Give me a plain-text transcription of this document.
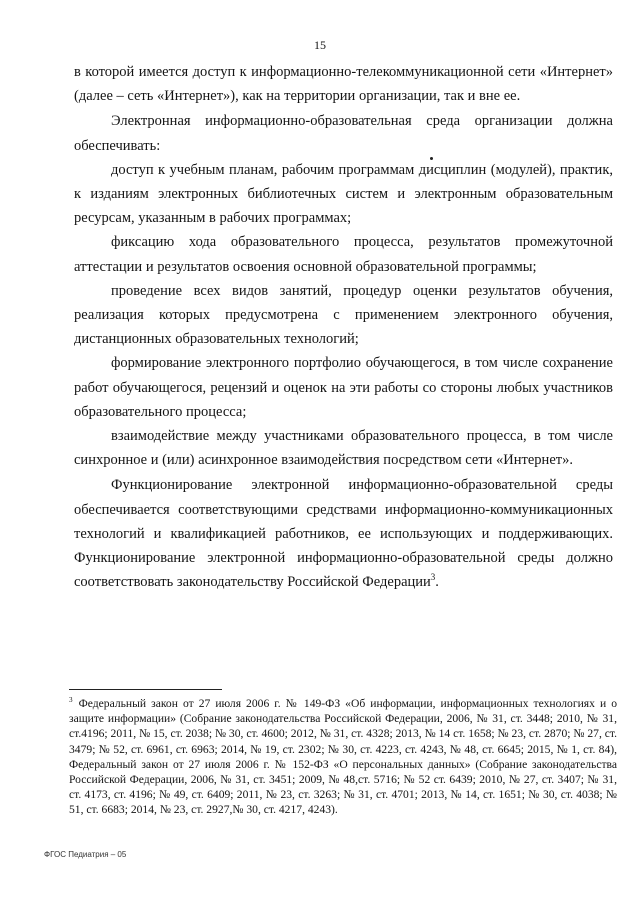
15

в которой имеется доступ к информационно-телекоммуникационной сети «Интернет» (далее – сеть «Интернет»), как на территории организации, так и вне ее.

Электронная информационно-образовательная среда организации должна обеспечивать:

доступ к учебным планам, рабочим программам дисциплин (модулей), практик, к изданиям электронных библиотечных систем и электронным образовательным ресурсам, указанным в рабочих программах;

фиксацию хода образовательного процесса, результатов промежуточной аттестации и результатов освоения основной образовательной программы;

проведение всех видов занятий, процедур оценки результатов обучения, реализация которых предусмотрена с применением электронного обучения, дистанционных образовательных технологий;

формирование электронного портфолио обучающегося, в том числе сохранение работ обучающегося, рецензий и оценок на эти работы со стороны любых участников образовательного процесса;

взаимодействие между участниками образовательного процесса, в том числе синхронное и (или) асинхронное взаимодействия посредством сети «Интернет».

Функционирование электронной информационно-образовательной среды обеспечивается соответствующими средствами информационно-коммуникационных технологий и квалификацией работников, ее использующих и поддерживающих. Функционирование электронной информационно-образовательной среды должно соответствовать законодательству Российской Федерации$^3$.

$^3$ Федеральный закон от 27 июля 2006 г. № 149-ФЗ «Об информации, информационных технологиях и о защите информации» (Собрание законодательства Российской Федерации, 2006, № 31, ст. 3448; 2010, № 31, ст.4196; 2011, № 15, ст. 2038; № 30, ст. 4600; 2012, № 31, ст. 4328; 2013, № 14 ст. 1658; № 23, ст. 2870; № 27, ст. 3479; № 52, ст. 6961, ст. 6963; 2014, № 19, ст. 2302; № 30, ст. 4223, ст. 4243, № 48, ст. 6645; 2015, № 1, ст. 84), Федеральный закон от 27 июля 2006 г. № 152-ФЗ «О персональных данных» (Собрание законодательства Российской Федерации, 2006, № 31, ст. 3451; 2009, № 48,ст. 5716; № 52 ст. 6439; 2010, № 27, ст. 3407; № 31, ст. 4173, ст. 4196; № 49, ст. 6409; 2011, № 23, ст. 3263; № 31, ст. 4701; 2013, № 14, ст. 1651; № 30, ст. 4038; № 51, ст. 6683; 2014, № 23, ст. 2927,№ 30, ст. 4217, 4243).

ФГОС Педиатрия – 05
